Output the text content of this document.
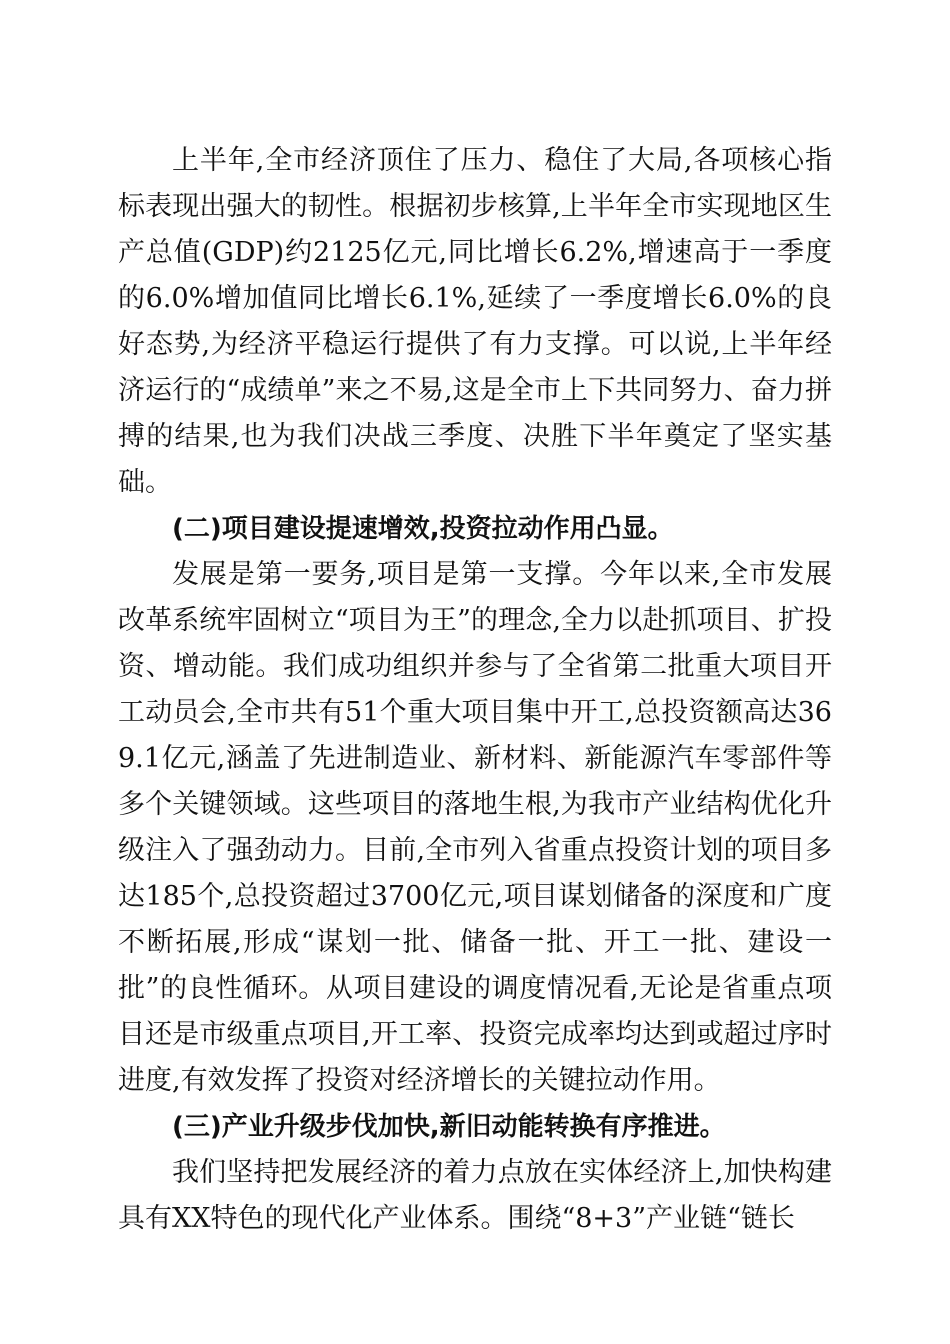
上半年,全市经济顶住了压力、稳住了大局,各项核心指标表现出强大的韧性。根据初步核算,上半年全市实现地区生产总值(GDP)约2125亿元,同比增长6.2%,增速高于一季度的6.0%增加值同比增长6.1%,延续了一季度增长6.0%的良好态势,为经济平稳运行提供了有力支撑。可以说,上半年经济运行的“成绩单”来之不易,这是全市上下共同努力、奋力拼搏的结果,也为我们决战三季度、决胜下半年奠定了坚实基础。

(二)项目建设提速增效,投资拉动作用凸显。

发展是第一要务,项目是第一支撑。今年以来,全市发展改革系统牢固树立“项目为王”的理念,全力以赴抓项目、扩投资、增动能。我们成功组织并参与了全省第二批重大项目开工动员会,全市共有51个重大项目集中开工,总投资额高达369.1亿元,涵盖了先进制造业、新材料、新能源汽车零部件等多个关键领域。这些项目的落地生根,为我市产业结构优化升级注入了强劲动力。目前,全市列入省重点投资计划的项目多达185个,总投资超过3700亿元,项目谋划储备的深度和广度不断拓展,形成“谋划一批、储备一批、开工一批、建设一批”的良性循环。从项目建设的调度情况看,无论是省重点项目还是市级重点项目,开工率、投资完成率均达到或超过序时进度,有效发挥了投资对经济增长的关键拉动作用。

(三)产业升级步伐加快,新旧动能转换有序推进。

我们坚持把发展经济的着力点放在实体经济上,加快构建具有XX特色的现代化产业体系。围绕“8+3”产业链“链长
